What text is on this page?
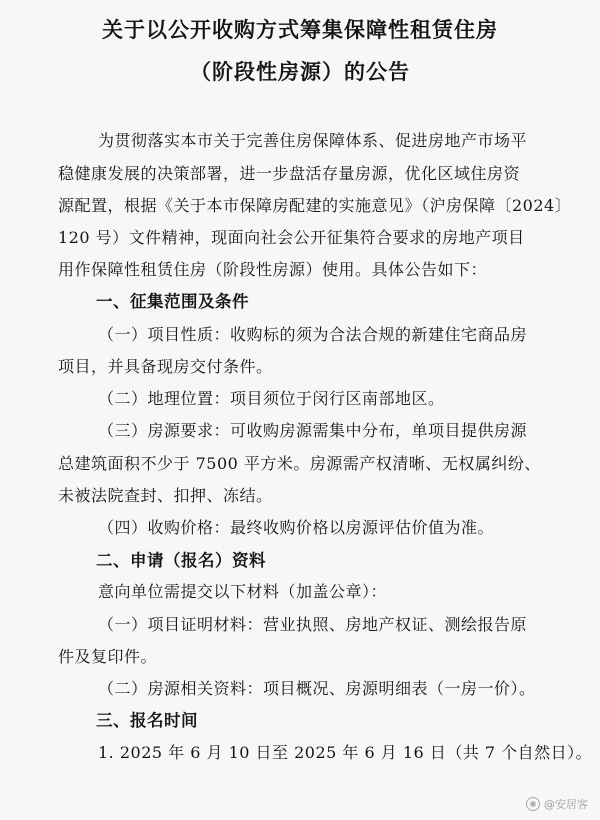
关于以公开收购方式筹集保障性租赁住房
（阶段性房源）的公告
为贯彻落实本市关于完善住房保障体系、促进房地产市场平
稳健康发展的决策部署，进一步盘活存量房源，优化区域住房资
源配置，根据《关于本市保障房配建的实施意见》（沪房保障〔2024〕
120 号）文件精神，现面向社会公开征集符合要求的房地产项目
用作保障性租赁住房（阶段性房源）使用。具体公告如下：
一、征集范围及条件
（一）项目性质：收购标的须为合法合规的新建住宅商品房
项目，并具备现房交付条件。
（二）地理位置：项目须位于闵行区南部地区。
（三）房源要求：可收购房源需集中分布，单项目提供房源
总建筑面积不少于 7500 平方米。房源需产权清晰、无权属纠纷、
未被法院查封、扣押、冻结。
（四）收购价格：最终收购价格以房源评估价值为准。
二、申请（报名）资料
意向单位需提交以下材料（加盖公章）：
（一）项目证明材料：营业执照、房地产权证、测绘报告原
件及复印件。
（二）房源相关资料：项目概况、房源明细表（一房一价）。
三、报名时间
1. 2025 年 6 月 10 日至 2025 年 6 月 16 日（共 7 个自然日）。
◉ @安居客
